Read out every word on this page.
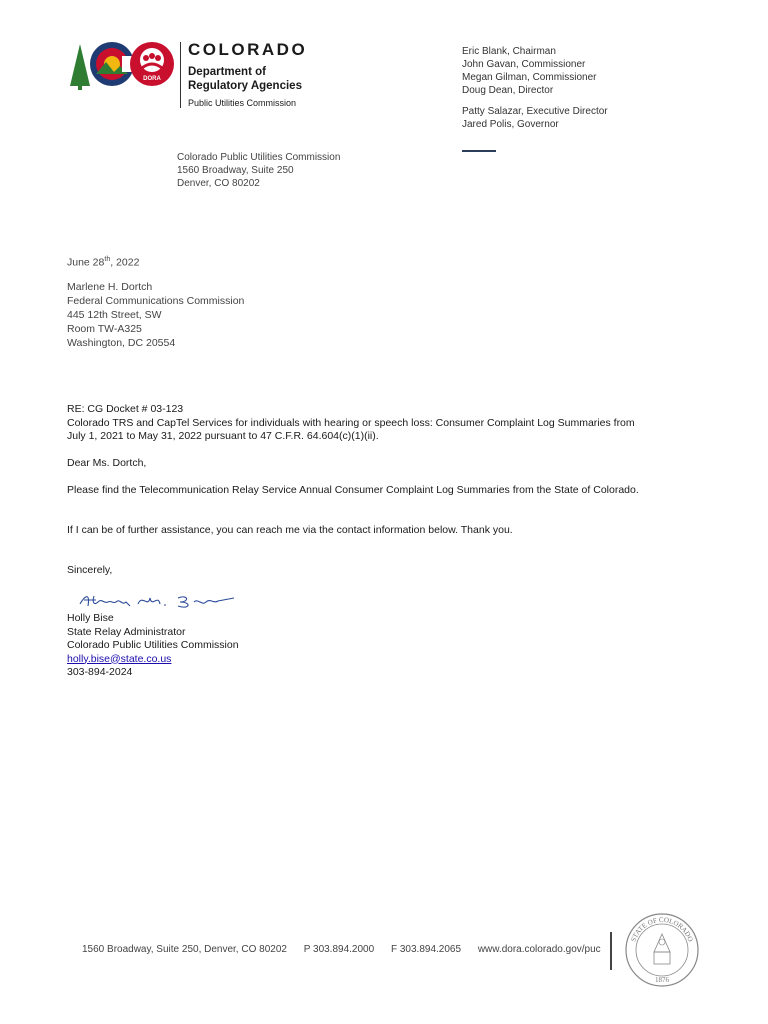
DORA
COLORADO
Department of
Regulatory Agencies
Public Utilities Commission
Eric Blank, Chairman
John Gavan, Commissioner
Megan Gilman, Commissioner
Doug Dean, Director
Patty Salazar, Executive Director
Jared Polis, Governor
Colorado Public Utilities Commission
1560 Broadway, Suite 250
Denver, CO 80202
June 28th, 2022
Marlene H. Dortch
Federal Communications Commission
445 12th Street, SW
Room TW-A325
Washington, DC 20554
RE: CG Docket # 03-123
Colorado TRS and CapTel Services for individuals with hearing or speech loss: Consumer Complaint Log Summaries from July 1, 2021 to May 31, 2022 pursuant to 47 C.F.R. 64.604(c)(1)(ii).
Dear Ms. Dortch,
Please find the Telecommunication Relay Service Annual Consumer Complaint Log Summaries from the State of Colorado.
If I can be of further assistance, you can reach me via the contact information below. Thank you.
Sincerely,
Holly Bise
State Relay Administrator
Colorado Public Utilities Commission
holly.bise@state.co.us
303-894-2024
1560 Broadway, Suite 250, Denver, CO 80202 P 303.894.2000 F 303.894.2065 www.dora.colorado.gov/puc
STATE OF COLORADO
1876
